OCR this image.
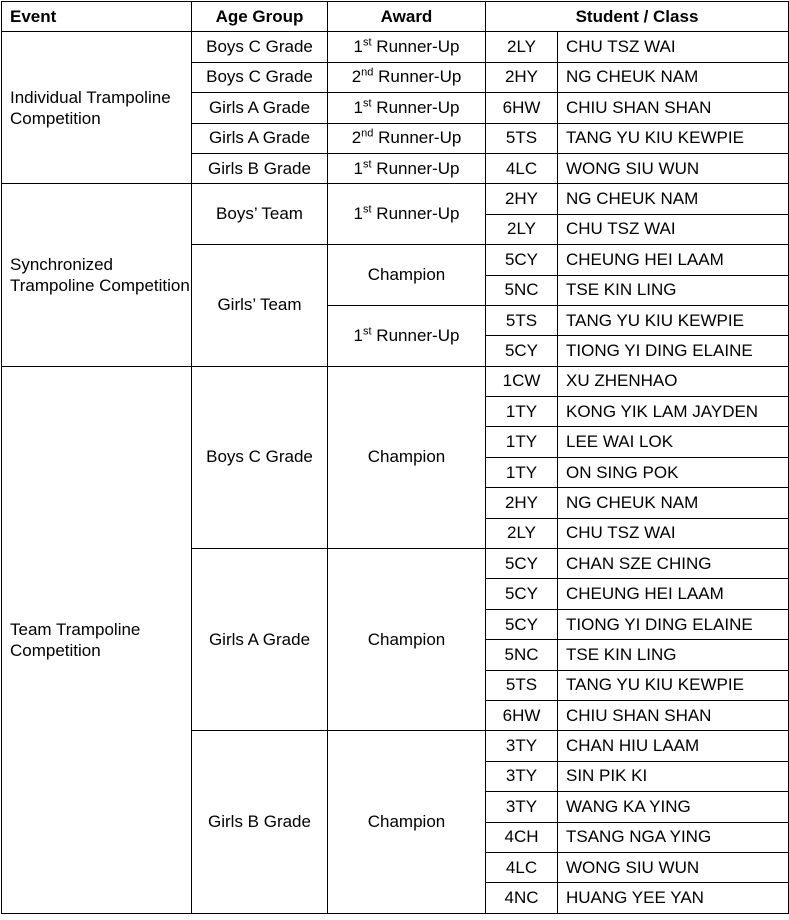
Event	Age Group	Award	Student / Class	
Individual Trampoline Competition	Boys C Grade	1st Runner-Up	2LY	CHU TSZ WAI
	Boys C Grade	2nd Runner-Up	2HY	NG CHEUK NAM
	Girls A Grade	1st Runner-Up	6HW	CHIU SHAN SHAN
	Girls A Grade	2nd Runner-Up	5TS	TANG YU KIU KEWPIE
	Girls B Grade	1st Runner-Up	4LC	WONG SIU WUN
Synchronized Trampoline Competition	Boys’ Team	1st Runner-Up	2HY	NG CHEUK NAM
			2LY	CHU TSZ WAI
	Girls’ Team	Champion	5CY	CHEUNG HEI LAAM
			5NC	TSE KIN LING
		1st Runner-Up	5TS	TANG YU KIU KEWPIE
			5CY	TIONG YI DING ELAINE
Team Trampoline Competition	Boys C Grade	Champion	1CW	XU ZHENHAO
			1TY	KONG YIK LAM JAYDEN
			1TY	LEE WAI LOK
			1TY	ON SING POK
			2HY	NG CHEUK NAM
			2LY	CHU TSZ WAI
	Girls A Grade	Champion	5CY	CHAN SZE CHING
			5CY	CHEUNG HEI LAAM
			5CY	TIONG YI DING ELAINE
			5NC	TSE KIN LING
			5TS	TANG YU KIU KEWPIE
			6HW	CHIU SHAN SHAN
	Girls B Grade	Champion	3TY	CHAN HIU LAAM
			3TY	SIN PIK KI
			3TY	WANG KA YING
			4CH	TSANG NGA YING
			4LC	WONG SIU WUN
			4NC	HUANG YEE YAN
